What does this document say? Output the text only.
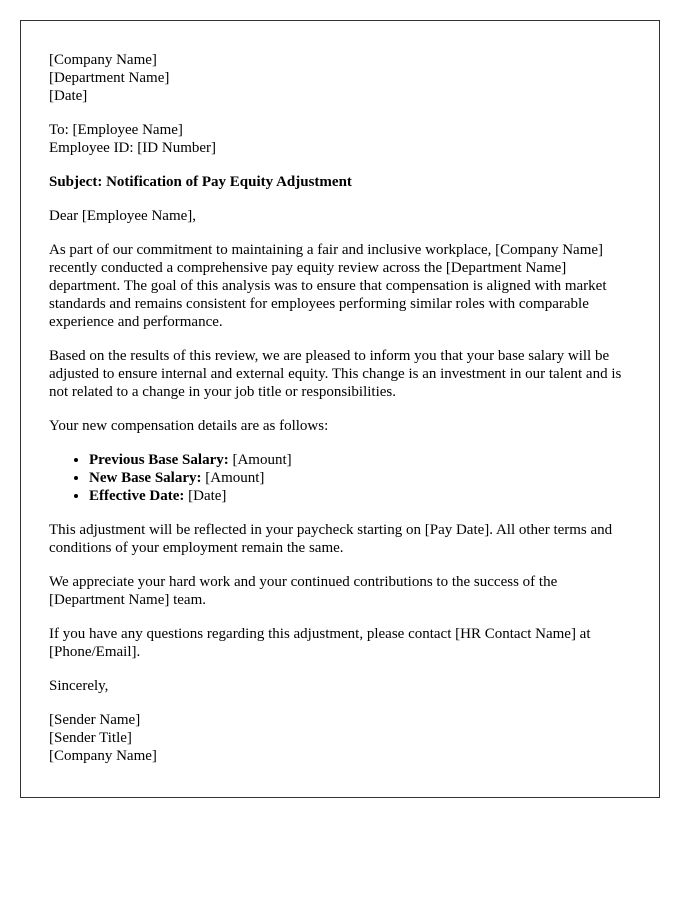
[Company Name]
[Department Name]
[Date]
To: [Employee Name]
Employee ID: [ID Number]

Subject: Notification of Pay Equity Adjustment

Dear [Employee Name],

As part of our commitment to maintaining a fair and inclusive workplace, [Company Name] recently conducted a comprehensive pay equity review across the [Department Name] department. The goal of this analysis was to ensure that compensation is aligned with market standards and remains consistent for employees performing similar roles with comparable experience and performance.

Based on the results of this review, we are pleased to inform you that your base salary will be adjusted to ensure internal and external equity. This change is an investment in our talent and is not related to a change in your job title or responsibilities.

Your new compensation details are as follows:

• Previous Base Salary: [Amount]
• New Base Salary: [Amount]
• Effective Date: [Date]

This adjustment will be reflected in your paycheck starting on [Pay Date]. All other terms and conditions of your employment remain the same.

We appreciate your hard work and your continued contributions to the success of the [Department Name] team.

If you have any questions regarding this adjustment, please contact [HR Contact Name] at [Phone/Email].

Sincerely,

[Sender Name]
[Sender Title]
[Company Name]
